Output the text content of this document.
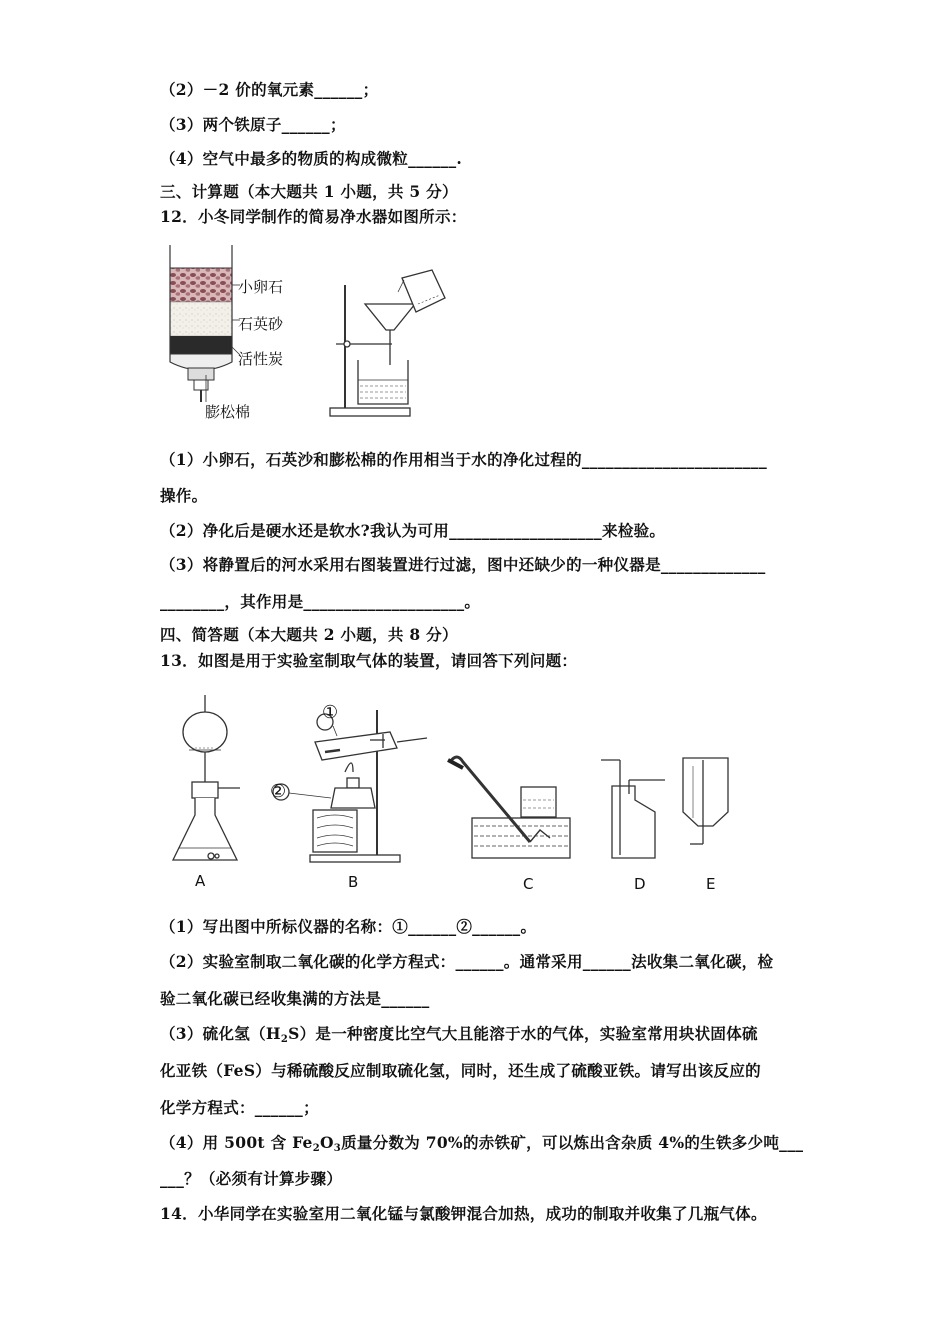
（2）－2 价的氧元素______；
（3）两个铁原子______；
（4）空气中最多的物质的构成微粒______.
三、计算题（本大题共 1 小题，共 5 分）
12．小冬同学制作的简易净水器如图所示：
小卵石
石英砂
活性炭
膨松棉
（1）小卵石，石英沙和膨松棉的作用相当于水的净化过程的_______________________
操作。
（2）净化后是硬水还是软水?我认为可用___________________来检验。
（3）将静置后的河水采用右图装置进行过滤，图中还缺少的一种仪器是_____________
________，其作用是____________________。
四、简答题（本大题共 2 小题，共 8 分）
13．如图是用于实验室制取气体的装置，请回答下列问题：
①
②
A	B	C	D	E
（1）写出图中所标仪器的名称：①______②______。
（2）实验室制取二氧化碳的化学方程式：______。通常采用______法收集二氧化碳，检
验二氧化碳已经收集满的方法是______
（3）硫化氢$(H_2S)$是一种密度比空气大且能溶于水的气体，实验室常用块状固体硫
化亚铁（FeS）与稀硫酸反应制取硫化氢，同时，还生成了硫酸亚铁。请写出该反应的
化学方程式：______；
（4）用 500t 含 $Fe_2O_3$质量分数为 70%的赤铁矿，可以炼出含杂质 4%的生铁多少吨___
___？（必须有计算步骤）
14．小华同学在实验室用二氧化锰与氯酸钾混合加热，成功的制取并收集了几瓶气体。
